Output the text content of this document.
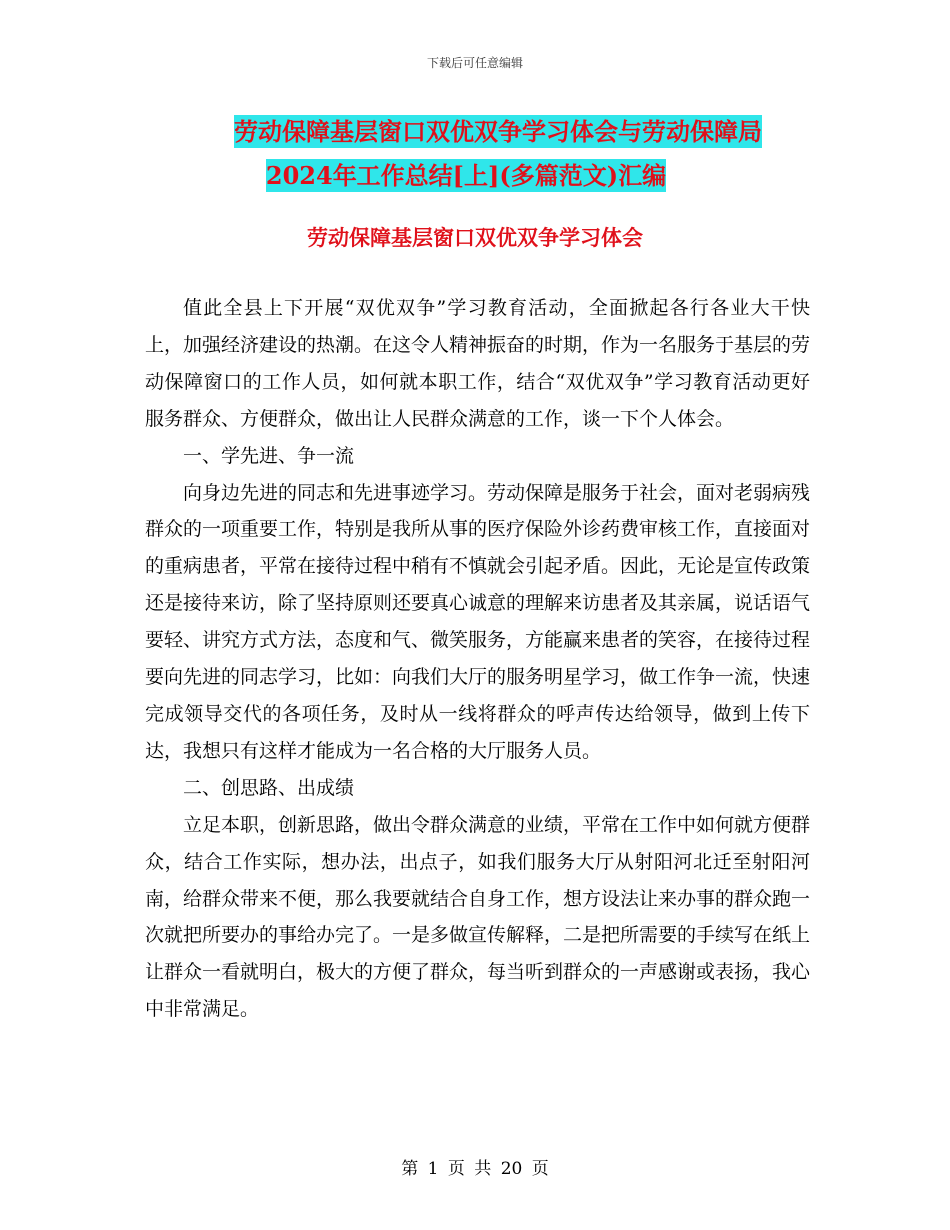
下载后可任意编辑
劳动保障基层窗口双优双争学习体会与劳动保障局
2024年工作总结[上](多篇范文)汇编
劳动保障基层窗口双优双争学习体会

值此全县上下开展“双优双争”学习教育活动，全面掀起各行各业大干快上，加强经济建设的热潮。在这令人精神振奋的时期，作为一名服务于基层的劳动保障窗口的工作人员，如何就本职工作，结合“双优双争”学习教育活动更好服务群众、方便群众，做出让人民群众满意的工作，谈一下个人体会。

一、学先进、争一流

向身边先进的同志和先进事迹学习。劳动保障是服务于社会，面对老弱病残群众的一项重要工作，特别是我所从事的医疗保险外诊药费审核工作，直接面对的重病患者，平常在接待过程中稍有不慎就会引起矛盾。因此，无论是宣传政策还是接待来访，除了坚持原则还要真心诚意的理解来访患者及其亲属，说话语气要轻、讲究方式方法，态度和气、微笑服务，方能赢来患者的笑容，在接待过程要向先进的同志学习，比如：向我们大厅的服务明星学习，做工作争一流，快速完成领导交代的各项任务，及时从一线将群众的呼声传达给领导，做到上传下达，我想只有这样才能成为一名合格的大厅服务人员。

二、创思路、出成绩

立足本职，创新思路，做出令群众满意的业绩，平常在工作中如何就方便群众，结合工作实际，想办法，出点子，如我们服务大厅从射阳河北迁至射阳河南，给群众带来不便，那么我要就结合自身工作，想方设法让来办事的群众跑一次就把所要办的事给办完了。一是多做宣传解释，二是把所需要的手续写在纸上让群众一看就明白，极大的方便了群众，每当听到群众的一声感谢或表扬，我心中非常满足。

第 1 页 共 20 页
